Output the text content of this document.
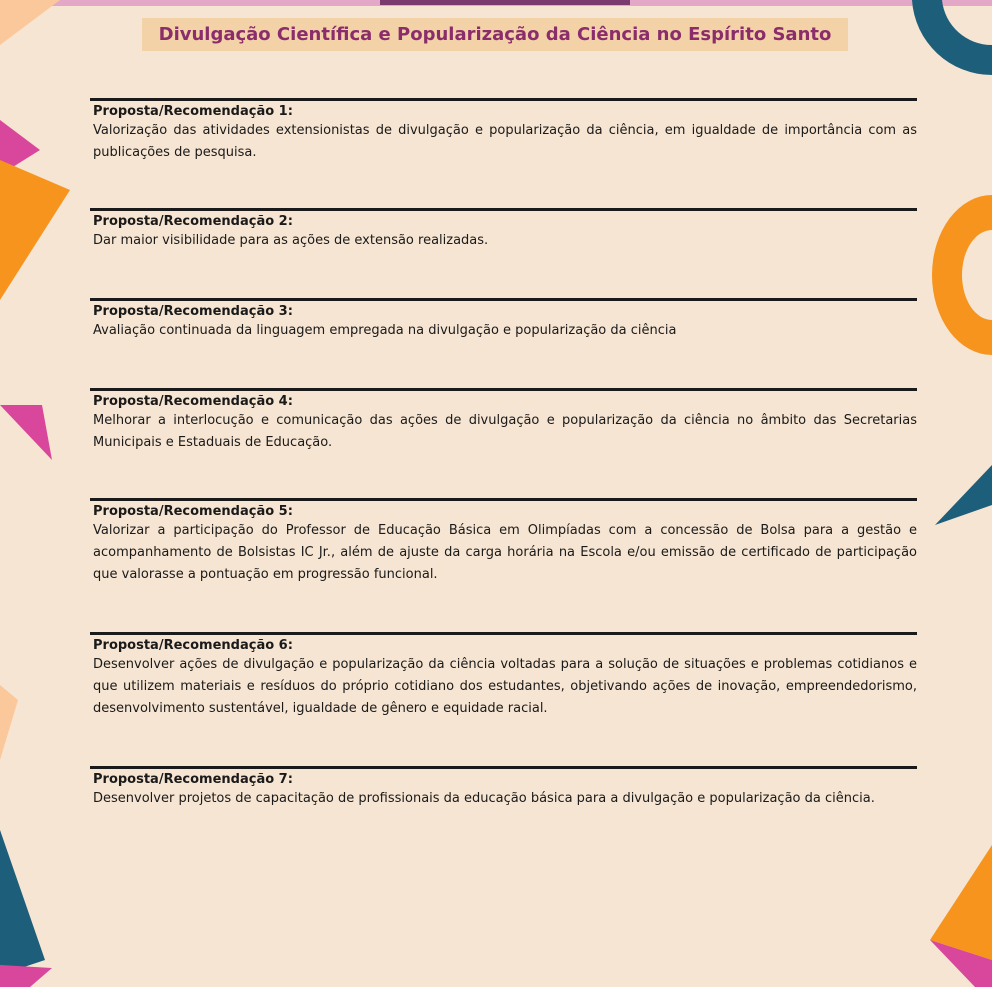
Divulgação Científica e Popularização da Ciência no Espírito Santo
Proposta/Recomendação 1:
Valorização das atividades extensionistas de divulgação e popularização da ciência, em igualdade de importância com as publicações de pesquisa.
Proposta/Recomendação 2:
Dar maior visibilidade para as ações de extensão realizadas.
Proposta/Recomendação 3:
Avaliação continuada da linguagem empregada na divulgação e popularização da ciência
Proposta/Recomendação 4:
Melhorar a interlocução e comunicação das ações de divulgação e popularização da ciência no âmbito das Secretarias Municipais e Estaduais de Educação.
Proposta/Recomendação 5:
Valorizar a participação do Professor de Educação Básica em Olimpíadas com a concessão de Bolsa para a gestão e acompanhamento de Bolsistas IC Jr., além de ajuste da carga horária na Escola e/ou emissão de certificado de participação que valorasse a pontuação em progressão funcional.
Proposta/Recomendação 6:
Desenvolver ações de divulgação e popularização da ciência voltadas para a solução de situações e problemas cotidianos e que utilizem materiais e resíduos do próprio cotidiano dos estudantes, objetivando ações de inovação, empreendedorismo, desenvolvimento sustentável, igualdade de gênero e equidade racial.
Proposta/Recomendação 7:
Desenvolver projetos de capacitação de profissionais da educação básica para a divulgação e popularização da ciência.
